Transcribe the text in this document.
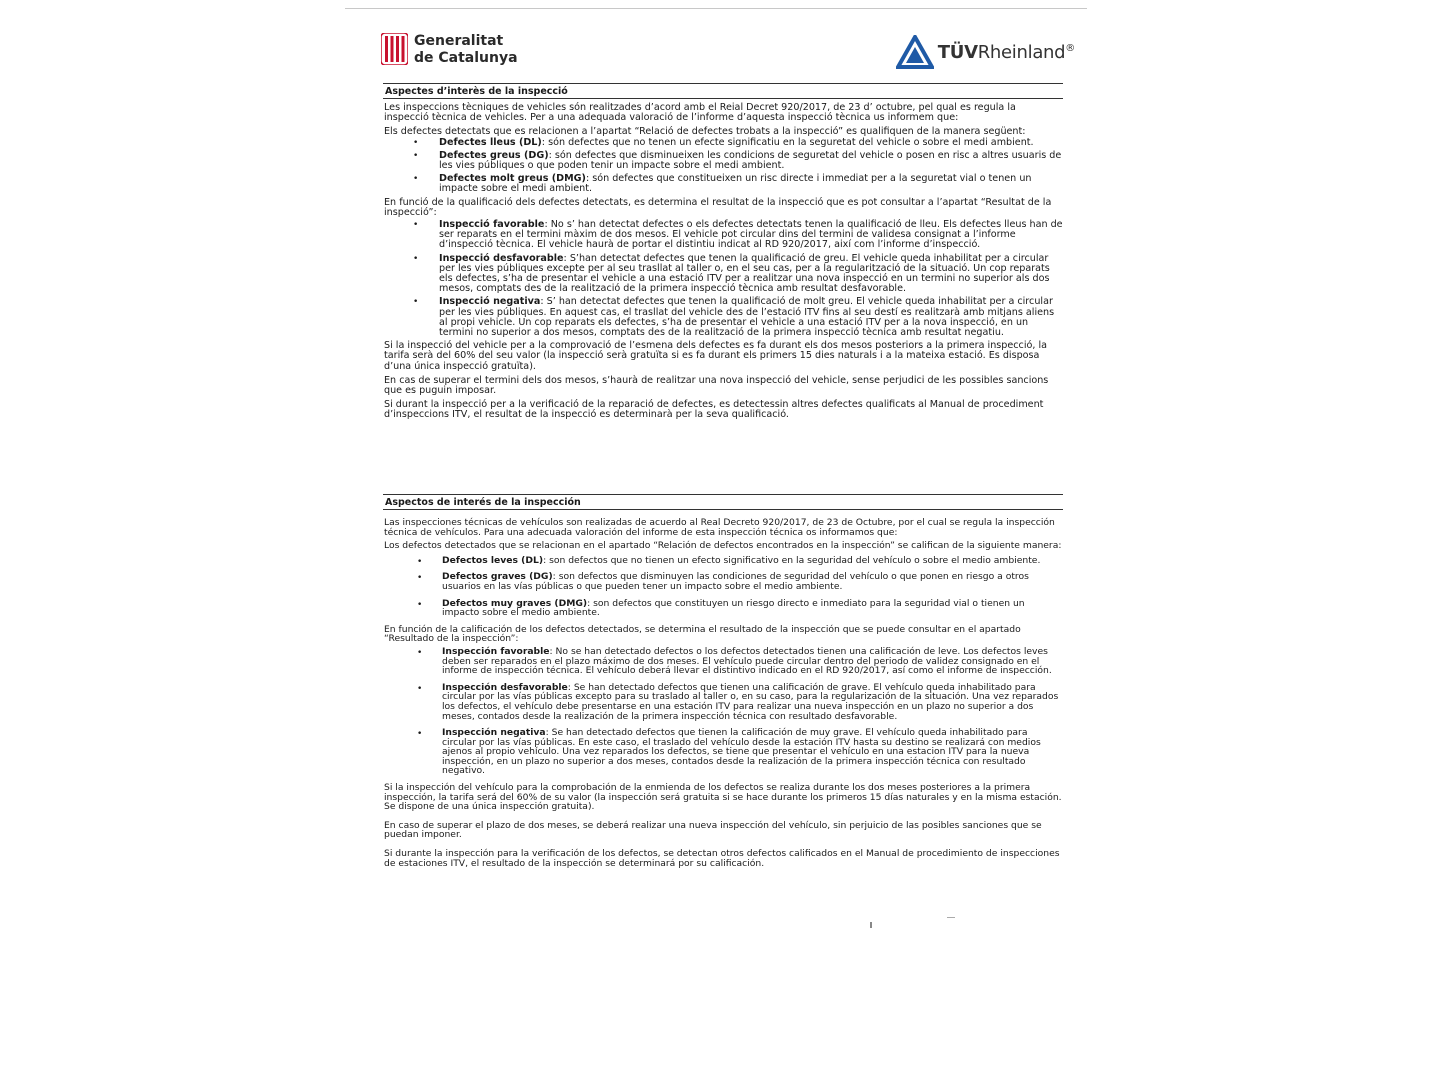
Generalitat
de Catalunya	TÜVRheinland®
Aspectes d’interès de la inspecció
Les inspeccions tècniques de vehicles són realitzades d’acord amb el Reial Decret 920/2017, de 23 d’ octubre, pel qual es regula la inspecció tècnica de vehicles. Per a una adequada valoració de l’informe d’aquesta inspecció tècnica us informem que:
Els defectes detectats que es relacionen a l’apartat “Relació de defectes trobats a la inspecció” es qualifiquen de la manera següent:
• Defectes lleus (DL): són defectes que no tenen un efecte significatiu en la seguretat del vehicle o sobre el medi ambient.
• Defectes greus (DG): són defectes que disminueixen les condicions de seguretat del vehicle o posen en risc a altres usuaris de les vies públiques o que poden tenir un impacte sobre el medi ambient.
• Defectes molt greus (DMG): són defectes que constitueixen un risc directe i immediat per a la seguretat vial o tenen un impacte sobre el medi ambient.
En funció de la qualificació dels defectes detectats, es determina el resultat de la inspecció que es pot consultar a l’apartat “Resultat de la inspecció”:
• Inspecció favorable: No s’ han detectat defectes o els defectes detectats tenen la qualificació de lleu. Els defectes lleus han de ser reparats en el termini màxim de dos mesos. El vehicle pot circular dins del termini de validesa consignat a l’informe d’inspecció tècnica. El vehicle haurà de portar el distintiu indicat al RD 920/2017, així com l’informe d’inspecció.
• Inspecció desfavorable: S’han detectat defectes que tenen la qualificació de greu. El vehicle queda inhabilitat per a circular per les vies públiques excepte per al seu trasllat al taller o, en el seu cas, per a la regularització de la situació. Un cop reparats els defectes, s’ha de presentar el vehicle a una estació ITV per a realitzar una nova inspecció en un termini no superior als dos mesos, comptats des de la realització de la primera inspecció tècnica amb resultat desfavorable.
• Inspecció negativa: S’ han detectat defectes que tenen la qualificació de molt greu. El vehicle queda inhabilitat per a circular per les vies públiques. En aquest cas, el trasllat del vehicle des de l’estació ITV fins al seu destí es realitzarà amb mitjans aliens al propi vehicle. Un cop reparats els defectes, s’ha de presentar el vehicle a una estació ITV per a la nova inspecció, en un termini no superior a dos mesos, comptats des de la realització de la primera inspecció tècnica amb resultat negatiu.
Si la inspecció del vehicle per a la comprovació de l’esmena dels defectes es fa durant els dos mesos posteriors a la primera inspecció, la tarifa serà del 60% del seu valor (la inspecció serà gratuïta si es fa durant els primers 15 dies naturals i a la mateixa estació. Es disposa d’una única inspecció gratuïta).
En cas de superar el termini dels dos mesos, s’haurà de realitzar una nova inspecció del vehicle, sense perjudici de les possibles sancions que es puguin imposar.
Si durant la inspecció per a la verificació de la reparació de defectes, es detectessin altres defectes qualificats al Manual de procediment d’inspeccions ITV, el resultat de la inspecció es determinarà per la seva qualificació.
Aspectos de interés de la inspección
Las inspecciones técnicas de vehículos son realizadas de acuerdo al Real Decreto 920/2017, de 23 de Octubre, por el cual se regula la inspección técnica de vehículos. Para una adecuada valoración del informe de esta inspección técnica os informamos que:
Los defectos detectados que se relacionan en el apartado “Relación de defectos encontrados en la inspección” se califican de la siguiente manera:
• Defectos leves (DL): son defectos que no tienen un efecto significativo en la seguridad del vehículo o sobre el medio ambiente.
• Defectos graves (DG): son defectos que disminuyen las condiciones de seguridad del vehículo o que ponen en riesgo a otros usuarios en las vías públicas o que pueden tener un impacto sobre el medio ambiente.
• Defectos muy graves (DMG): son defectos que constituyen un riesgo directo e inmediato para la seguridad vial o tienen un impacto sobre el medio ambiente.
En función de la calificación de los defectos detectados, se determina el resultado de la inspección que se puede consultar en el apartado “Resultado de la inspección”:
• Inspección favorable: No se han detectado defectos o los defectos detectados tienen una calificación de leve. Los defectos leves deben ser reparados en el plazo máximo de dos meses. El vehículo puede circular dentro del periodo de validez consignado en el informe de inspección técnica. El vehículo deberá llevar el distintivo indicado en el RD 920/2017, así como el informe de inspección.
• Inspección desfavorable: Se han detectado defectos que tienen una calificación de grave. El vehículo queda inhabilitado para circular por las vías públicas excepto para su traslado al taller o, en su caso, para la regularización de la situación. Una vez reparados los defectos, el vehículo debe presentarse en una estación ITV para realizar una nueva inspección en un plazo no superior a dos meses, contados desde la realización de la primera inspección técnica con resultado desfavorable.
• Inspección negativa: Se han detectado defectos que tienen la calificación de muy grave. El vehículo queda inhabilitado para circular por las vías públicas. En este caso, el traslado del vehículo desde la estación ITV hasta su destino se realizará con medios ajenos al propio vehículo. Una vez reparados los defectos, se tiene que presentar el vehículo en una estacion ITV para la nueva inspección, en un plazo no superior a dos meses, contados desde la realización de la primera inspección técnica con resultado negativo.
Si la inspección del vehículo para la comprobación de la enmienda de los defectos se realiza durante los dos meses posteriores a la primera inspección, la tarifa será del 60% de su valor (la inspección será gratuita si se hace durante los primeros 15 días naturales y en la misma estación. Se dispone de una única inspección gratuita).
En caso de superar el plazo de dos meses, se deberá realizar una nueva inspección del vehículo, sin perjuicio de las posibles sanciones que se puedan imponer.
Si durante la inspección para la verificación de los defectos, se detectan otros defectos calificados en el Manual de procedimiento de inspecciones de estaciones ITV, el resultado de la inspección se determinará por su calificación.
